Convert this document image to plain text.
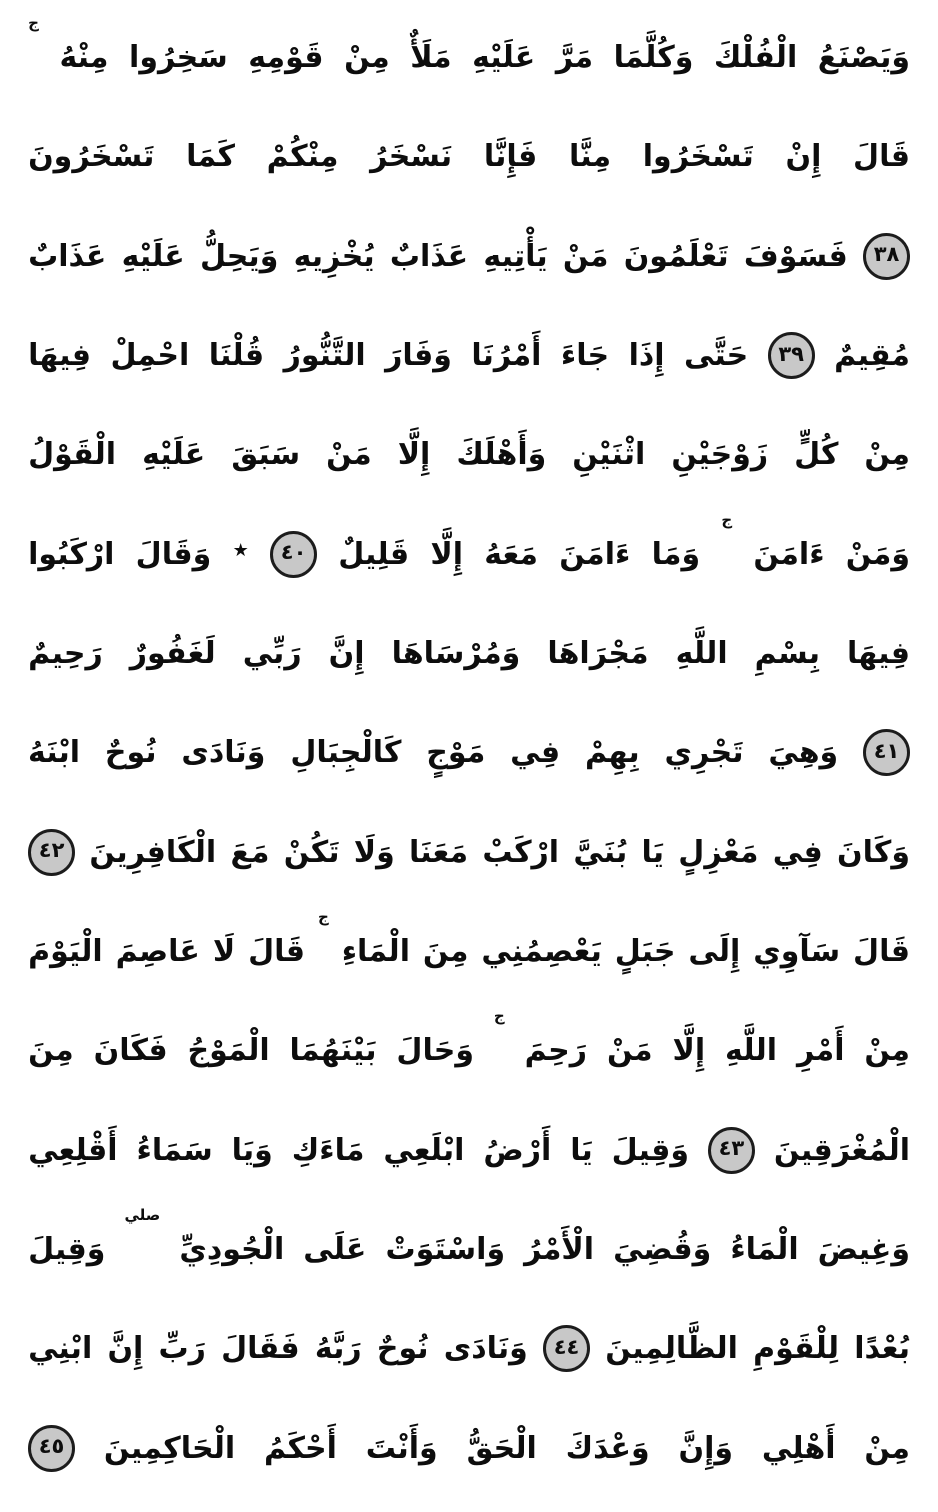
وَيَصْنَعُ
الْفُلْكَ
وَكُلَّمَا
مَرَّ
عَلَيْهِ
مَلَأٌ
مِنْ
قَوْمِهِ
سَخِرُوا
مِنْهُ
ج
قَالَ
إِنْ
تَسْخَرُوا
مِنَّا
فَإِنَّا
نَسْخَرُ
مِنْكُمْ
كَمَا
تَسْخَرُونَ
٣٨
فَسَوْفَ
تَعْلَمُونَ
مَنْ
يَأْتِيهِ
عَذَابٌ
يُخْزِيهِ
وَيَحِلُّ
عَلَيْهِ
عَذَابٌ
مُقِيمٌ
٣٩
حَتَّى
إِذَا
جَاءَ
أَمْرُنَا
وَفَارَ
التَّنُّورُ
قُلْنَا
احْمِلْ
فِيهَا
مِنْ
كُلٍّ
زَوْجَيْنِ
اثْنَيْنِ
وَأَهْلَكَ
إِلَّا
مَنْ
سَبَقَ
عَلَيْهِ
الْقَوْلُ
وَمَنْ
ءَامَنَ
ج
وَمَا
ءَامَنَ
مَعَهُ
إِلَّا
قَلِيلٌ
٤٠
٭
وَقَالَ
ارْكَبُوا
فِيهَا
بِسْمِ
اللَّهِ
مَجْرَاهَا
وَمُرْسَاهَا
إِنَّ
رَبِّي
لَغَفُورٌ
رَحِيمٌ
٤١
وَهِيَ
تَجْرِي
بِهِمْ
فِي
مَوْجٍ
كَالْجِبَالِ
وَنَادَى
نُوحٌ
ابْنَهُ
وَكَانَ
فِي
مَعْزِلٍ
يَا
بُنَيَّ
ارْكَبْ
مَعَنَا
وَلَا
تَكُنْ
مَعَ
الْكَافِرِينَ
٤٢
قَالَ
سَآوِي
إِلَى
جَبَلٍ
يَعْصِمُنِي
مِنَ
الْمَاءِ
ج
قَالَ
لَا
عَاصِمَ
الْيَوْمَ
مِنْ
أَمْرِ
اللَّهِ
إِلَّا
مَنْ
رَحِمَ
ج
وَحَالَ
بَيْنَهُمَا
الْمَوْجُ
فَكَانَ
مِنَ
الْمُغْرَقِينَ
٤٣
وَقِيلَ
يَا
أَرْضُ
ابْلَعِي
مَاءَكِ
وَيَا
سَمَاءُ
أَقْلِعِي
وَغِيضَ
الْمَاءُ
وَقُضِيَ
الْأَمْرُ
وَاسْتَوَتْ
عَلَى
الْجُودِيِّ
صلي
وَقِيلَ
بُعْدًا
لِلْقَوْمِ
الظَّالِمِينَ
٤٤
وَنَادَى
نُوحٌ
رَبَّهُ
فَقَالَ
رَبِّ
إِنَّ
ابْنِي
مِنْ
أَهْلِي
وَإِنَّ
وَعْدَكَ
الْحَقُّ
وَأَنْتَ
أَحْكَمُ
الْحَاكِمِينَ
٤٥
